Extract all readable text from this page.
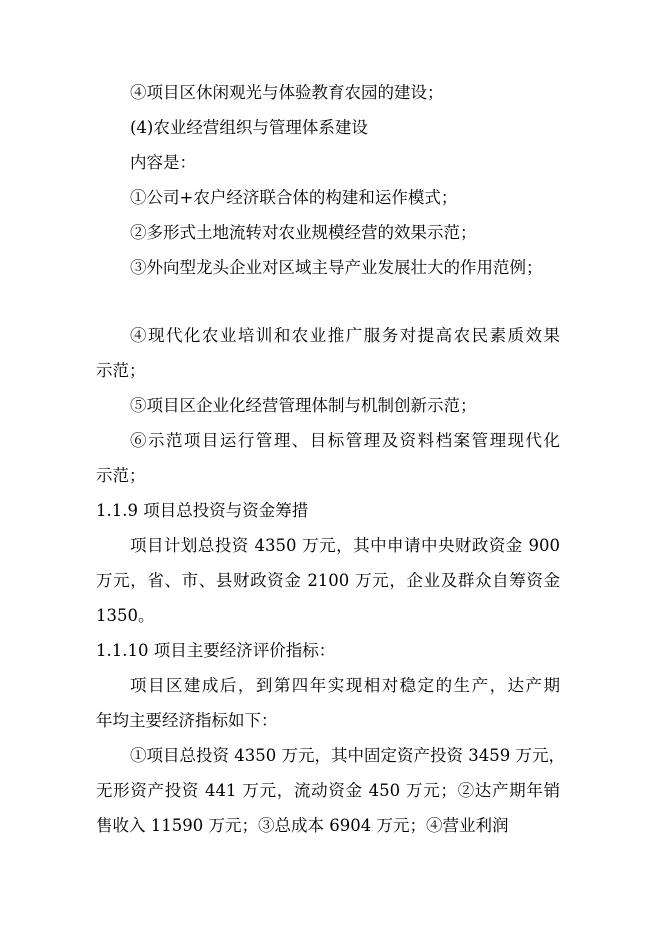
④项目区休闲观光与体验教育农园的建设；

(4)农业经营组织与管理体系建设

内容是：

①公司+农户经济联合体的构建和运作模式；

②多形式土地流转对农业规模经营的效果示范；

③外向型龙头企业对区域主导产业发展壮大的作用范例；

④现代化农业培训和农业推广服务对提高农民素质效果

示范；

⑤项目区企业化经营管理体制与机制创新示范；

⑥示范项目运行管理、目标管理及资料档案管理现代化

示范；

1.1.9 项目总投资与资金筹措

项目计划总投资 4350 万元，其中申请中央财政资金 900

万元，省、市、县财政资金 2100 万元，企业及群众自筹资金

1350。

1.1.10 项目主要经济评价指标：

项目区建成后，到第四年实现相对稳定的生产，达产期

年均主要经济指标如下：

①项目总投资 4350 万元，其中固定资产投资 3459 万元，

无形资产投资 441 万元，流动资金 450 万元；②达产期年销

售收入 11590 万元；③总成本 6904 万元；④营业利润
